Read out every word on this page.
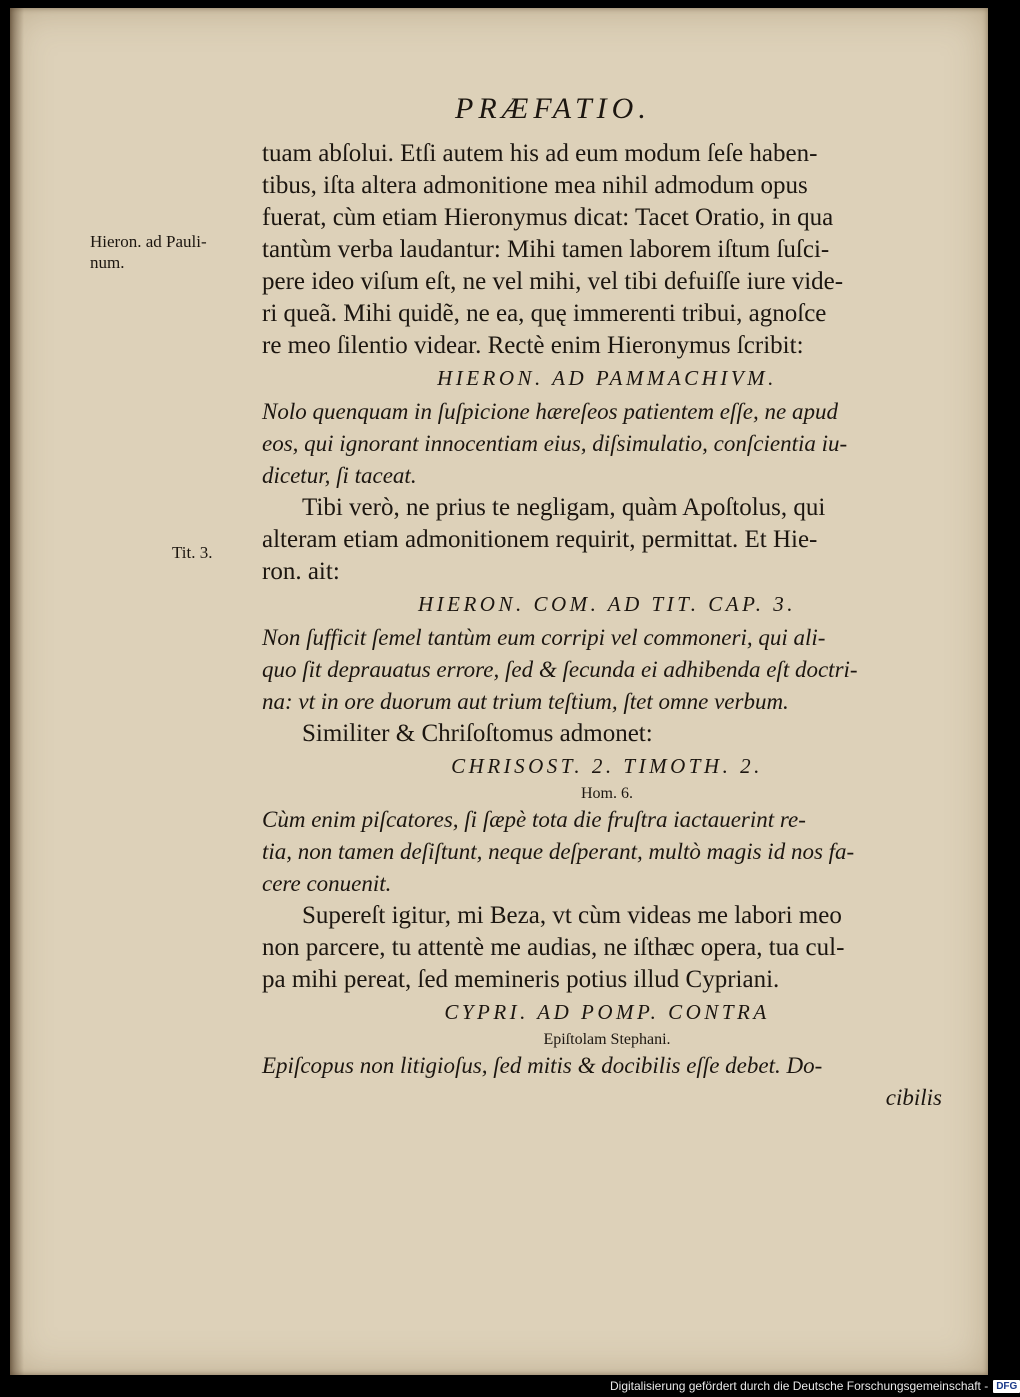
PRÆFATIO.
Hieron. ad Pauli-
num.
Tit. 3.
tuam abſolui. Etſi autem his ad eum modum ſeſe haben-
tibus, iſta altera admonitione mea nihil admodum opus
fuerat, cùm etiam Hieronymus dicat: Tacet Oratio, in qua
tantùm verba laudantur: Mihi tamen laborem iſtum ſuſci-
pere ideo viſum eſt, ne vel mihi, vel tibi defuiſſe iure vide-
ri queã. Mihi quidẽ, ne ea, quę immerenti tribui, agnoſce
re meo ſilentio videar. Rectè enim Hieronymus ſcribit:
HIERON. AD PAMMACHIVM.
Nolo quenquam in ſuſpicione hæreſeos patientem eſſe, ne apud
eos, qui ignorant innocentiam eius, diſsimulatio, conſcientia iu-
dicetur, ſi taceat.
Tibi verò, ne prius te negligam, quàm Apoſtolus, qui
alteram etiam admonitionem requirit, permittat. Et Hie-
ron. ait:
HIERON. COM. AD TIT. CAP. 3.
Non ſufficit ſemel tantùm eum corripi vel commoneri, qui ali-
quo ſit deprauatus errore, ſed & ſecunda ei adhibenda eſt doctri-
na: vt in ore duorum aut trium teſtium, ſtet omne verbum.
Similiter & Chriſoſtomus admonet:
CHRISOST. 2. TIMOTH. 2.
Hom. 6.
Cùm enim piſcatores, ſi ſæpè tota die fruſtra iactauerint re-
tia, non tamen deſiſtunt, neque deſperant, multò magis id nos fa-
cere conuenit.
Supereſt igitur, mi Beza, vt cùm videas me labori meo
non parcere, tu attentè me audias, ne iſthæc opera, tua cul-
pa mihi pereat, ſed memineris potius illud Cypriani.
CYPRI. AD POMP. CONTRA
Epiſtolam Stephani.
Epiſcopus non litigioſus, ſed mitis & docibilis eſſe debet. Do-
cibilis
Digitalisierung gefördert durch die Deutsche Forschungsgemeinschaft - DFG
